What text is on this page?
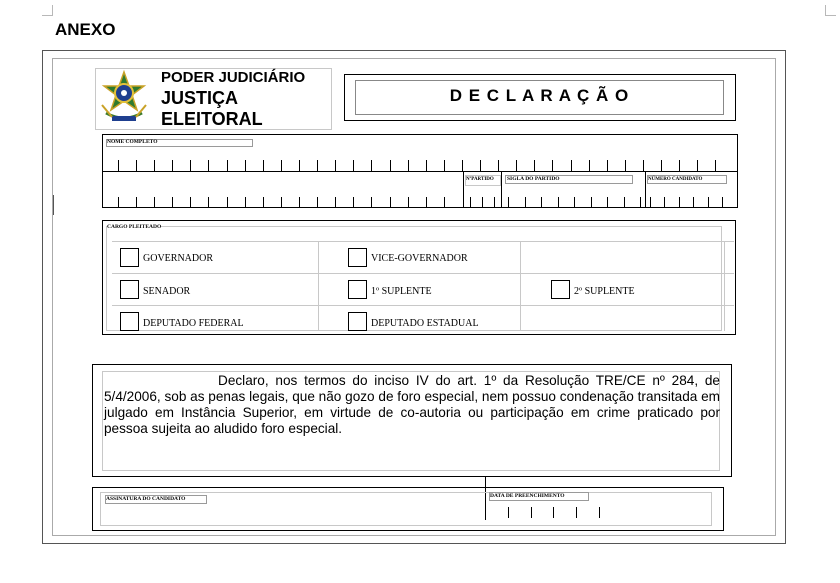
ANEXO
PODER JUDICIÁRIO
JUSTIÇA
ELEITORAL
D E C L A R A Ç Ã O
NOME COMPLETO
NºPARTIDO SIGLA DO PARTIDO	NÚMERO CANDIDATO
CARGO PLEITEADO
GOVERNADOR	VICE-GOVERNADOR
SENADOR	1º SUPLENTE	2º SUPLENTE
DEPUTADO FEDERAL	DEPUTADO ESTADUAL
Declaro, nos termos do inciso IV do art. 1º da Resolução TRE/CE nº 284, de 5/4/2006, sob as penas legais, que não gozo de foro especial, nem possuo condenação transitada em julgado em Instância Superior, em virtude de co-autoria ou participação em crime praticado por pessoa sujeita ao aludido foro especial.
ASSINATURA DO CANDIDATO	DATA DE PREENCHIMENTO
